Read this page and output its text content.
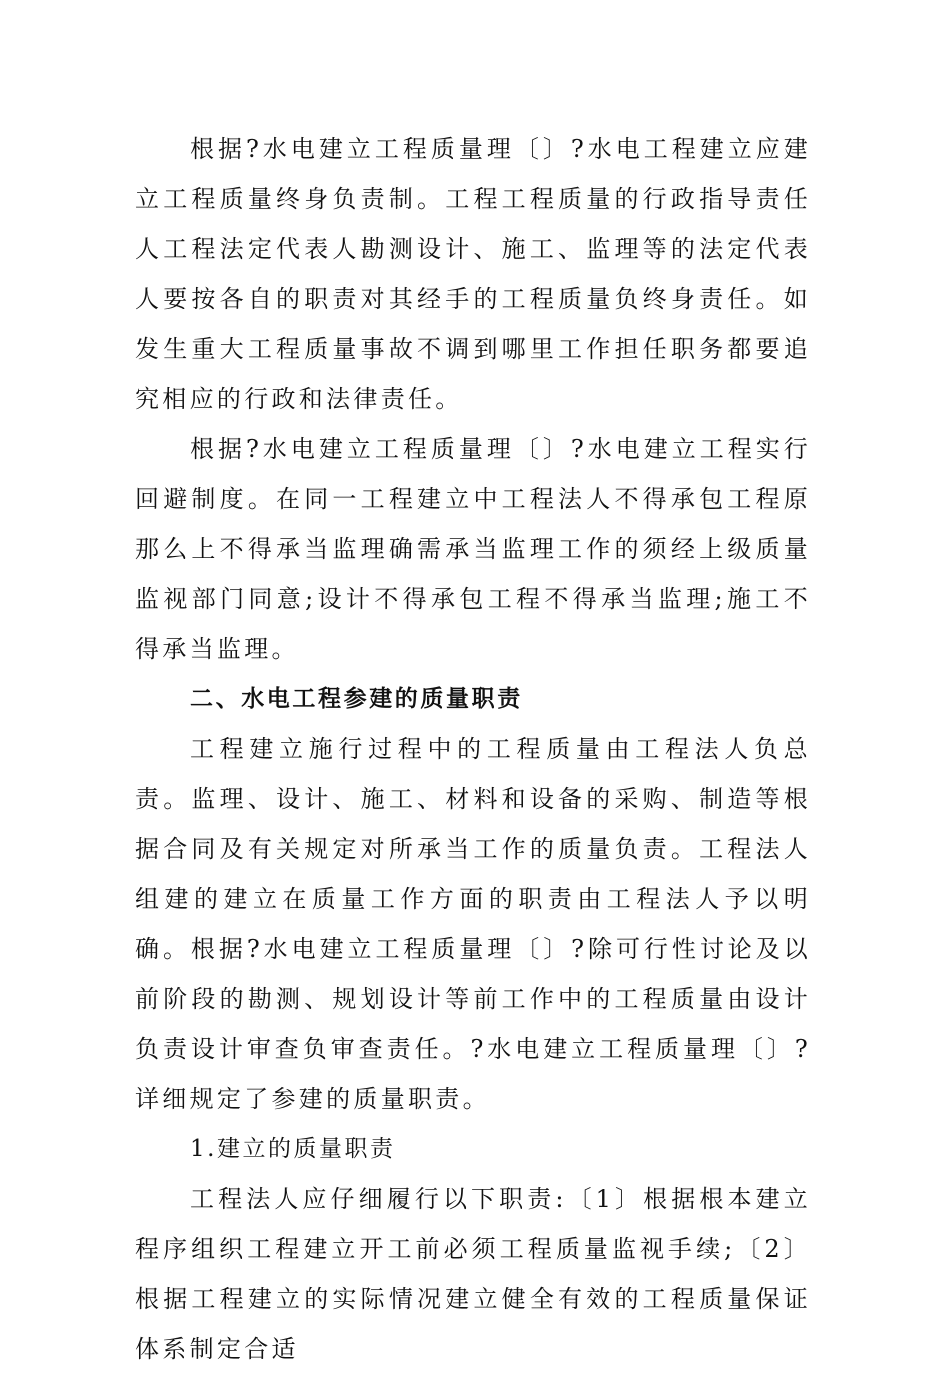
根据?水电建立工程质量理〔〕?水电工程建立应建立工程质量终身负责制。工程工程质量的行政指导责任人工程法定代表人勘测设计、施工、监理等的法定代表人要按各自的职责对其经手的工程质量负终身责任。如发生重大工程质量事故不调到哪里工作担任职务都要追究相应的行政和法律责任。

根据?水电建立工程质量理〔〕?水电建立工程实行回避制度。在同一工程建立中工程法人不得承包工程原那么上不得承当监理确需承当监理工作的须经上级质量监视部门同意;设计不得承包工程不得承当监理;施工不得承当监理。

二、水电工程参建的质量职责

工程建立施行过程中的工程质量由工程法人负总责。监理、设计、施工、材料和设备的采购、制造等根据合同及有关规定对所承当工作的质量负责。工程法人组建的建立在质量工作方面的职责由工程法人予以明确。根据?水电建立工程质量理〔〕?除可行性讨论及以前阶段的勘测、规划设计等前工作中的工程质量由设计负责设计审查负审查责任。?水电建立工程质量理〔〕?详细规定了参建的质量职责。

1.建立的质量职责

工程法人应仔细履行以下职责:〔1〕根据根本建立程序组织工程建立开工前必须工程质量监视手续;〔2〕根据工程建立的实际情况建立健全有效的工程质量保证体系制定合适
